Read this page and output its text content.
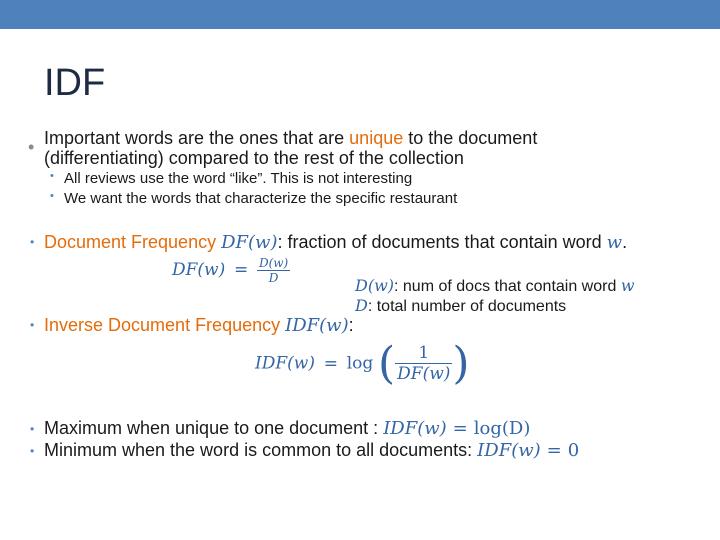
IDF
• Important words are the ones that are unique to the document
(differentiating) compared to the rest of the collection
• All reviews use the word “like”. This is not interesting
• We want the words that characterize the specific restaurant
• Document Frequency DF(w): fraction of documents that contain word w.
$DF(w) = \frac{D(w)}{D}$
D(w): num of docs that contain word w
D: total number of documents
• Inverse Document Frequency IDF(w):
IDF(w) = log ( $\frac{1}{DF(w)}$ )
• Maximum when unique to one document : IDF(w) = log(D)
• Minimum when the word is common to all documents: IDF(w) = 0
